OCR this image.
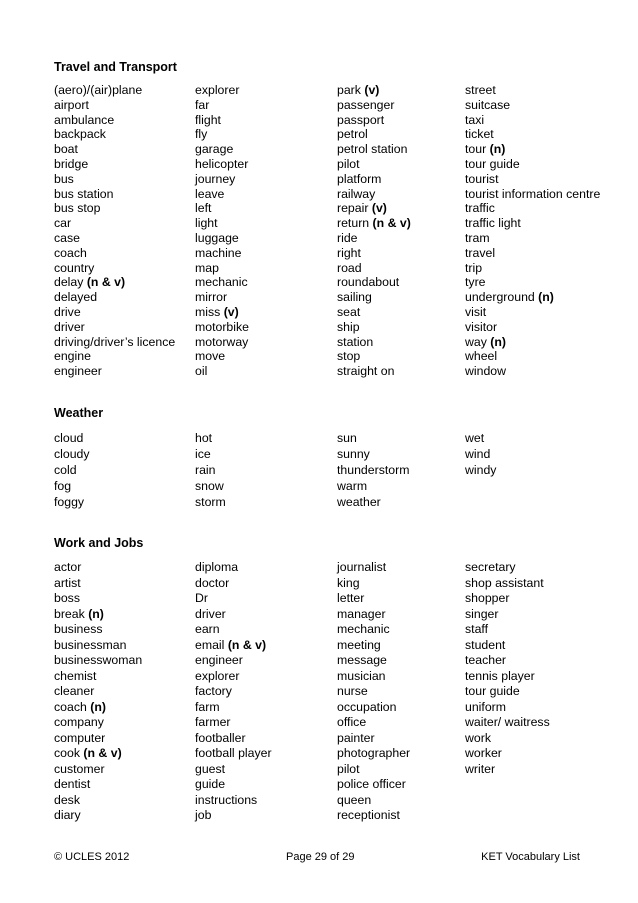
Travel and Transport
(aero)/(air)plane
airport
ambulance
backpack
boat
bridge
bus
bus station
bus stop
car
case
coach
country
delay (n & v)
delayed
drive
driver
driving/driver’s licence
engine
engineer
explorer
far
flight
fly
garage
helicopter
journey
leave
left
light
luggage
machine
map
mechanic
mirror
miss (v)
motorbike
motorway
move
oil
park (v)
passenger
passport
petrol
petrol station
pilot
platform
railway
repair (v)
return (n & v)
ride
right
road
roundabout
sailing
seat
ship
station
stop
straight on
street
suitcase
taxi
ticket
tour (n)
tour guide
tourist
tourist information centre
traffic
traffic light
tram
travel
trip
tyre
underground (n)
visit
visitor
way (n)
wheel
window
Weather
cloud
cloudy
cold
fog
foggy
hot
ice
rain
snow
storm
sun
sunny
thunderstorm
warm
weather
wet
wind
windy
Work and Jobs
actor
artist
boss
break (n)
business
businessman
businesswoman
chemist
cleaner
coach (n)
company
computer
cook (n & v)
customer
dentist
desk
diary
diploma
doctor
Dr
driver
earn
email (n & v)
engineer
explorer
factory
farm
farmer
footballer
football player
guest
guide
instructions
job
journalist
king
letter
manager
mechanic
meeting
message
musician
nurse
occupation
office
painter
photographer
pilot
police officer
queen
receptionist
secretary
shop assistant
shopper
singer
staff
student
teacher
tennis player
tour guide
uniform
waiter/ waitress
work
worker
writer
© UCLES 2012	Page 29 of 29	KET Vocabulary List
